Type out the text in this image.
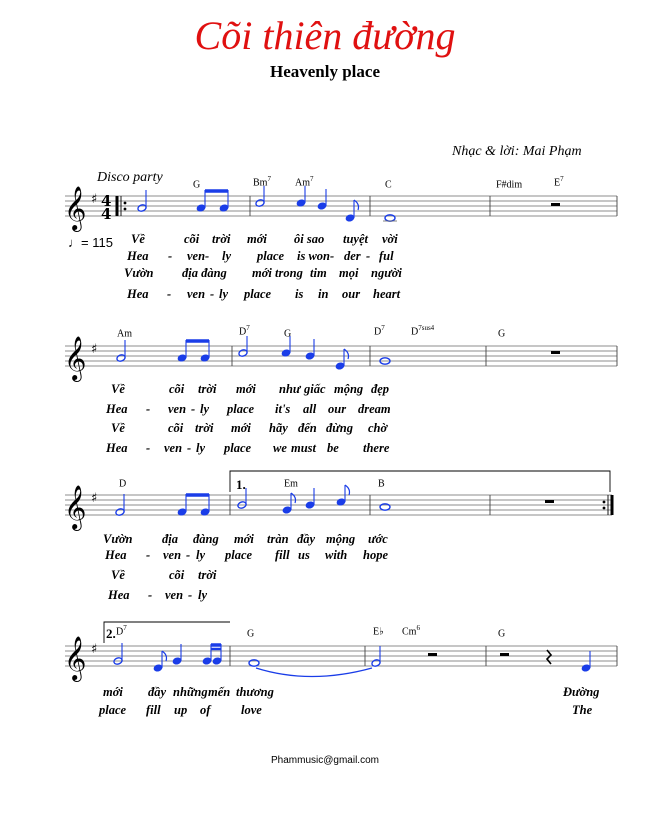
Cõi thiên đường
Heavenly place
Nhạc & lời: Mai Phạm
Disco party
♩= 115
𝄞 ♯ 4
4
𝄞 ♯
𝄞 ♯
𝄞 ♯
G	Bm$^7$ Am$^7$
C	F#dim	$E^7$
Am	$D^7$
G	$D^7$	$D^{7sus4}$
G
D	Em	B
1.
2. $D^7$
G	E♭ Cm$^6$
G
Về	cõi trời mới ôi sao tuyệt vời
Hea - ven- ly place is won- der - ful
Vườn địa đàng mới trong tim mọi người
Hea - ven - ly place is in our heart
Về	cõi trời mới như giấc mộng đẹp
Hea - ven - ly place it's all our dream
Về	cõi trời mới hãy đến đừng chờ
Hea - ven - ly place we must be there
Vườn địa đàng mới tràn đầy mộng ước
Hea - ven - ly place fill us with hope
Về	cõi trời
Hea - ven - ly
mới đầy những mến thương	Đường
place fill up of love	The
Phammusic@gmail.com
